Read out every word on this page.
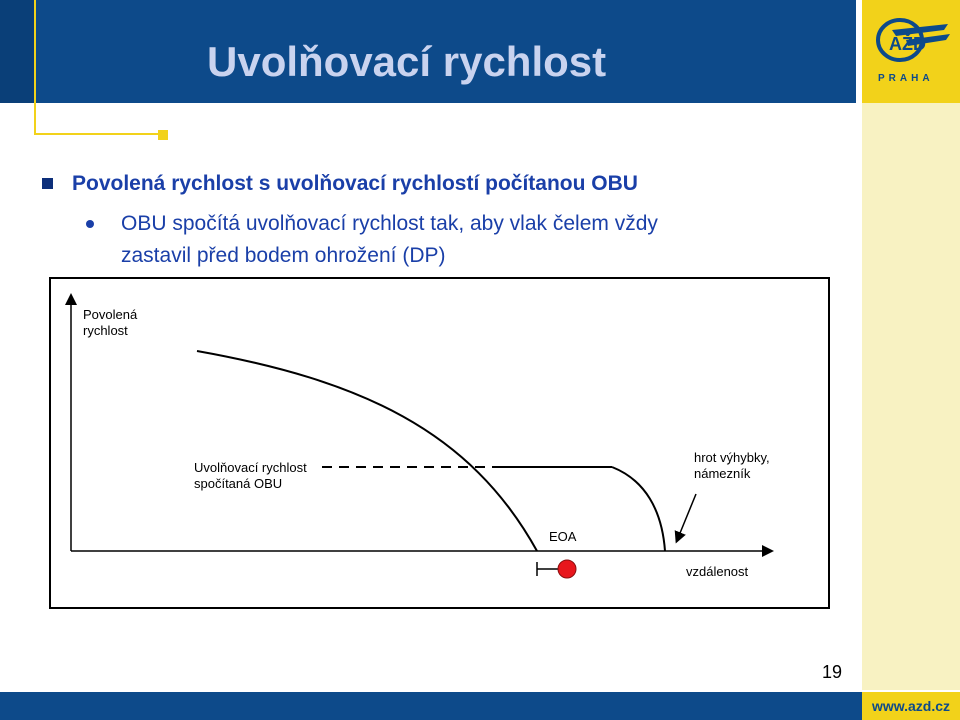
Uvolňovací rychlost	AŽD
PRAHA
Povolená rychlost s uvolňovací rychlostí počítanou OBU
OBU spočítá uvolňovací rychlost tak, aby vlak čelem vždy
zastavil před bodem ohrožení (DP)
Povolená
rychlost
Uvolňovací rychlost
spočítaná OBU
hrot výhybky,
námezník
EOA
vzdálenost
19
www.azd.cz
